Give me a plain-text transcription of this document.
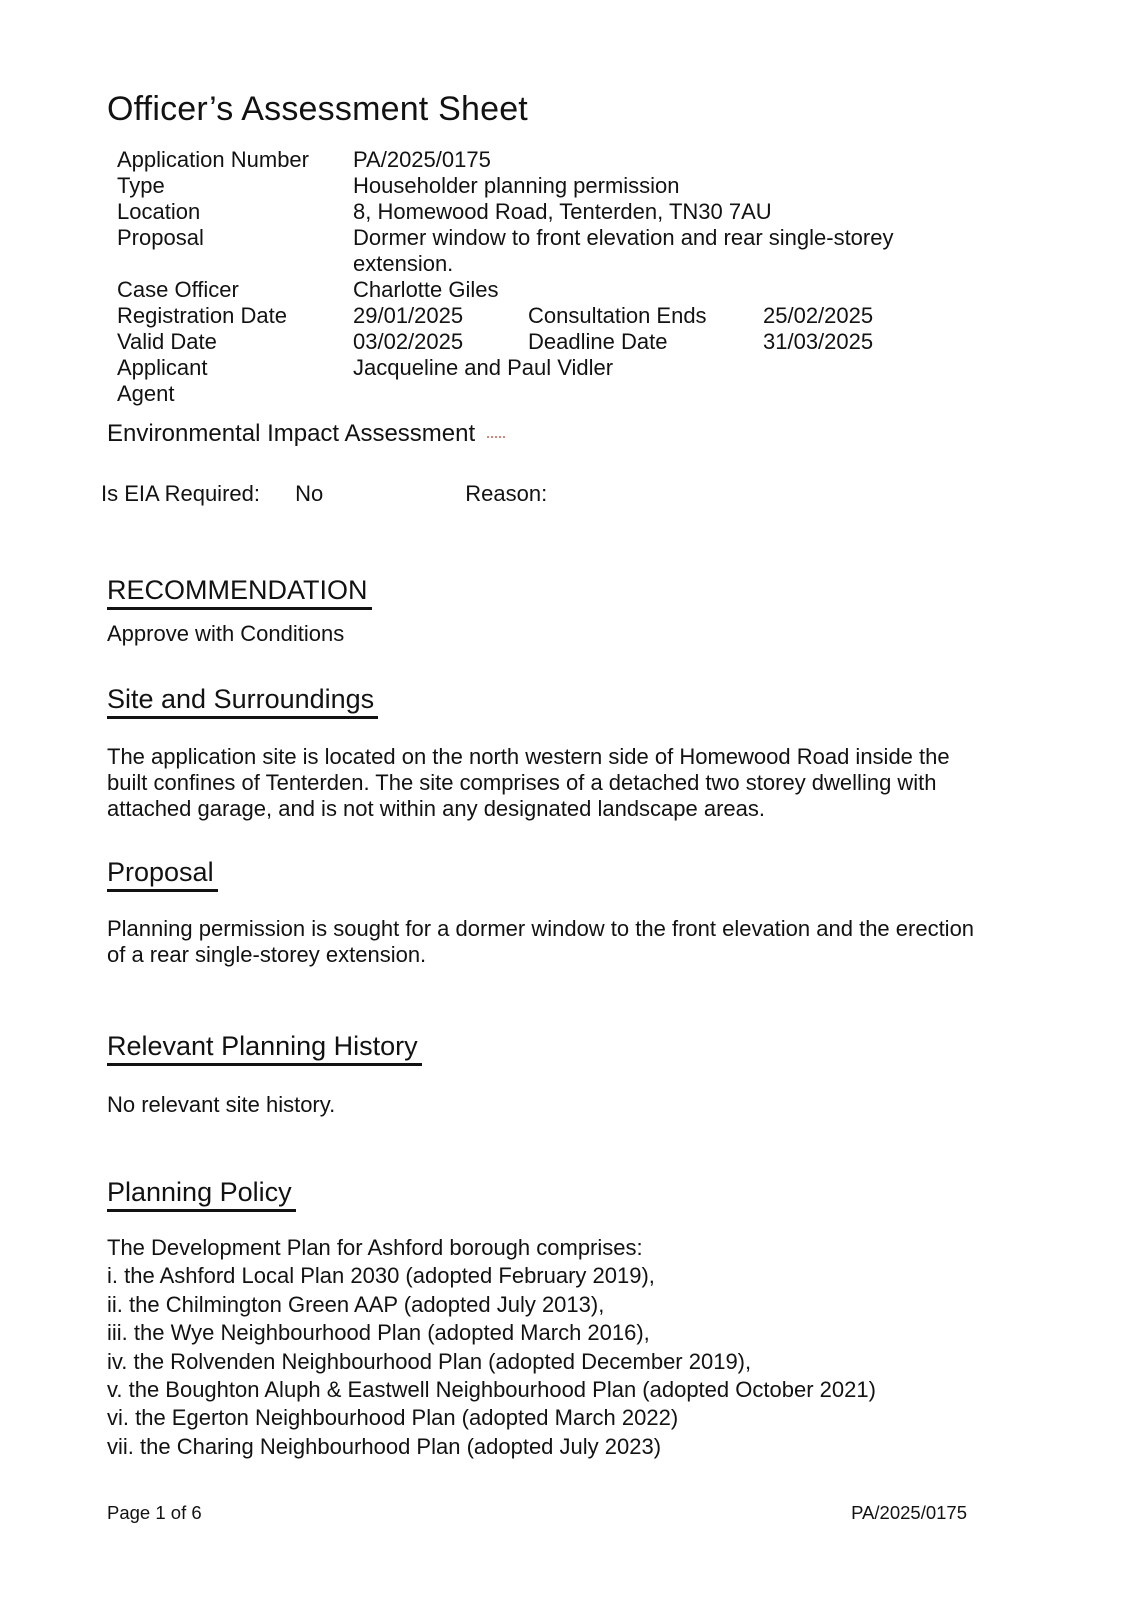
Officer’s Assessment Sheet
Application Number	PA/2025/0175
Type	Householder planning permission
Location	8, Homewood Road, Tenterden, TN30 7AU
Proposal	Dormer window to front elevation and rear single-storey extension.
Case Officer	Charlotte Giles
Registration Date	29/01/2025	Consultation Ends	25/02/2025
Valid Date	03/02/2025	Deadline Date	31/03/2025
Applicant	Jacqueline and Paul Vidler
Agent
Environmental Impact Assessment
Is EIA Required: No	Reason:
RECOMMENDATION
Approve with Conditions
Site and Surroundings
The application site is located on the north western side of Homewood Road inside the built confines of Tenterden. The site comprises of a detached two storey dwelling with attached garage, and is not within any designated landscape areas.
Proposal
Planning permission is sought for a dormer window to the front elevation and the erection of a rear single-storey extension.
Relevant Planning History
No relevant site history.
Planning Policy
The Development Plan for Ashford borough comprises:
i. the Ashford Local Plan 2030 (adopted February 2019),
ii. the Chilmington Green AAP (adopted July 2013),
iii. the Wye Neighbourhood Plan (adopted March 2016),
iv. the Rolvenden Neighbourhood Plan (adopted December 2019),
v. the Boughton Aluph & Eastwell Neighbourhood Plan (adopted October 2021)
vi. the Egerton Neighbourhood Plan (adopted March 2022)
vii. the Charing Neighbourhood Plan (adopted July 2023)
Page 1 of 6	PA/2025/0175
